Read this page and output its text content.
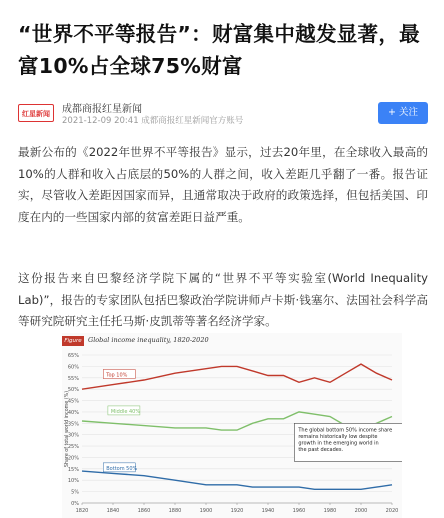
“世界不平等报告”：财富集中越发显著，最富10%占全球75%财富
红星新闻	成都商报红星新闻
2021-12-09 20:41 成都商报红星新闻官方账号
+ 关注
最新公布的《2022年世界不平等报告》显示，过去20年里，在全球收入最高的10%的人群和收入占底层的50%的人群之间，收入差距几乎翻了一番。报告证实，尽管收入差距因国家而异，且通常取决于政府的政策选择，但包括美国、印度在内的一些国家内部的贫富差距日益严重。
这份报告来自巴黎经济学院下属的“世界不平等实验室(World Inequality Lab)”，报告的专家团队包括巴黎政治学院讲师卢卡斯·钱塞尔、法国社会科学高等研究院研究主任托马斯·皮凯蒂等著名经济学家。
Figure 2
Global income inequality, 1820-2020
0%
5%
10%
15%
20%
25%
30%
35%
40%
45%
50%
55%
60%
65%
1820	1840	1860	1880	1900	1920	1940	1960	1980	2000	2020
Share of total world income (%)
Top 10%
Middle 40%
Bottom 50%
The global bottom 50% income share remains historically low despite growth in the emerging world in the past decades.
